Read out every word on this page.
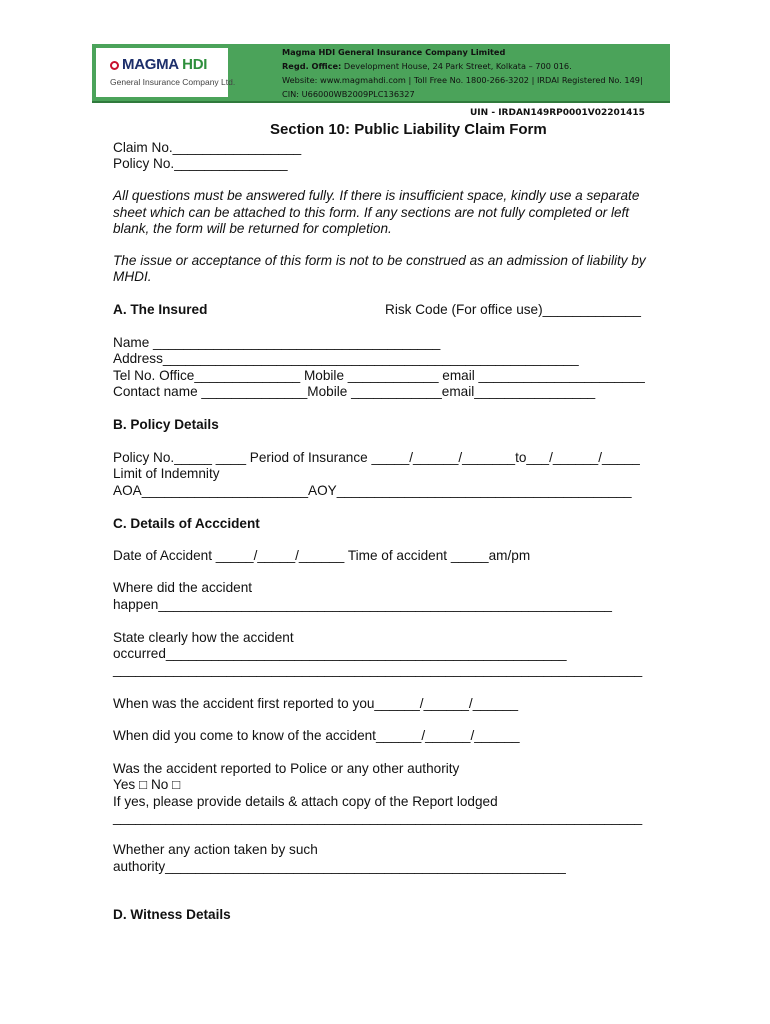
MAGMA HDI
General Insurance Company Ltd.
Magma HDI General Insurance Company Limited
Regd. Office: Development House, 24 Park Street, Kolkata – 700 016.
Website: www.magmahdi.com | Toll Free No. 1800-266-3202 | IRDAI Registered No. 149|
CIN: U66000WB2009PLC136327
UIN - IRDAN149RP0001V02201415
Section 10: Public Liability Claim Form
Claim No._________________
Policy No._______________
All questions must be answered fully. If there is insufficient space, kindly use a separate
sheet which can be attached to this form. If any sections are not fully completed or left
blank, the form will be returned for completion.
The issue or acceptance of this form is not to be construed as an admission of liability by
MHDI.
A. The Insured	Risk Code (For office use)_____________
Name ______________________________________
Address_______________________________________________________
Tel No. Office______________ Mobile ____________ email ______________________
Contact name ______________Mobile ____________email________________
B. Policy Details
Policy No._____ ____ Period of Insurance _____/______/_______to___/______/_____
Limit of Indemnity
AOA______________________AOY_______________________________________
C. Details of Acccident
Date of Accident _____/_____/______ Time of accident _____am/pm
Where did the accident
happen____________________________________________________________
State clearly how the accident
occurred_____________________________________________________
______________________________________________________________________
When was the accident first reported to you______/______/______
When did you come to know of the accident______/______/______
Was the accident reported to Police or any other authority
Yes □ No □
If yes, please provide details & attach copy of the Report lodged
______________________________________________________________________
Whether any action taken by such
authority_____________________________________________________
D. Witness Details
